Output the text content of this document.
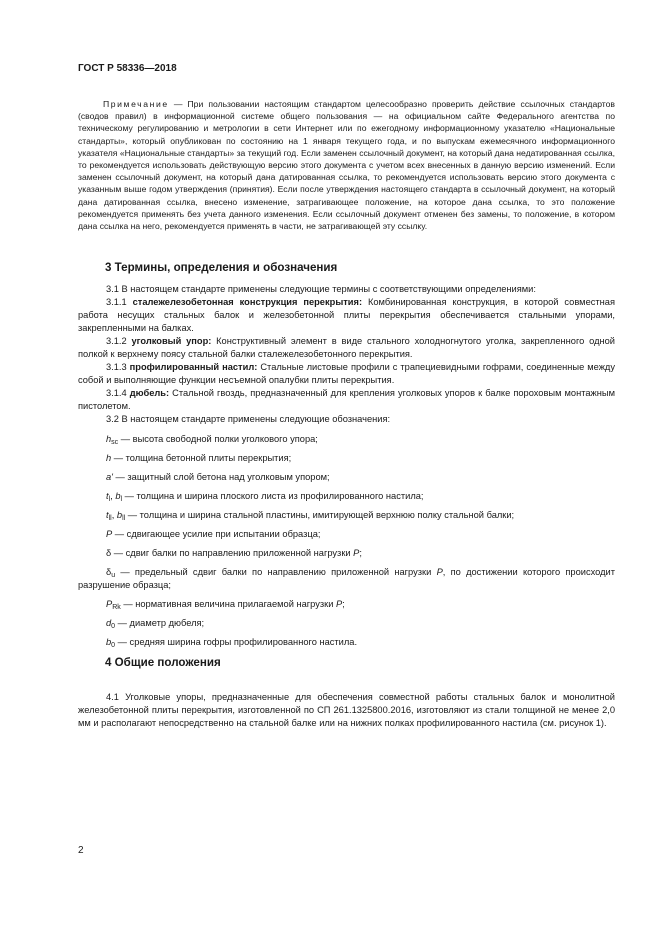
ГОСТ Р 58336—2018

Примечание — При пользовании настоящим стандартом целесообразно проверить действие ссылочных стандартов (сводов правил) в информационной системе общего пользования — на официальном сайте Федерального агентства по техническому регулированию и метрологии в сети Интернет или по ежегодному информационному указателю «Национальные стандарты», который опубликован по состоянию на 1 января текущего года, и по выпускам ежемесячного информационного указателя «Национальные стандарты» за текущий год. Если заменен ссылочный документ, на который дана недатированная ссылка, то рекомендуется использовать действующую версию этого документа с учетом всех внесенных в данную версию изменений. Если заменен ссылочный документ, на который дана датированная ссылка, то рекомендуется использовать версию этого документа с указанным выше годом утверждения (принятия). Если после утверждения настоящего стандарта в ссылочный документ, на который дана датированная ссылка, внесено изменение, затрагивающее положение, на которое дана ссылка, то это положение рекомендуется применять без учета данного изменения. Если ссылочный документ отменен без замены, то положение, в котором дана ссылка на него, рекомендуется применять в части, не затрагивающей эту ссылку.

3 Термины, определения и обозначения

3.1 В настоящем стандарте применены следующие термины с соответствующими определениями:

3.1.1 сталежелезобетонная конструкция перекрытия: Комбинированная конструкция, в которой совместная работа несущих стальных балок и железобетонной плиты перекрытия обеспечивается стальными упорами, закрепленными на балках.

3.1.2 уголковый упор: Конструктивный элемент в виде стального холодногнутого уголка, закрепленного одной полкой к верхнему поясу стальной балки сталежелезобетонного перекрытия.

3.1.3 профилированный настил: Стальные листовые профили с трапециевидными гофрами, соединенные между собой и выполняющие функции несъемной опалубки плиты перекрытия.

3.1.4 дюбель: Стальной гвоздь, предназначенный для крепления уголковых упоров к балке пороховым монтажным пистолетом.

3.2 В настоящем стандарте применены следующие обозначения:

$h_{sc}$ — высота свободной полки уголкового упора;

h — толщина бетонной плиты перекрытия;

a' — защитный слой бетона над уголковым упором;

$t_l$, $b_l$ — толщина и ширина плоского листа из профилированного настила;

$t_{ll}$, $b_{ll}$ — толщина и ширина стальной пластины, имитирующей верхнюю полку стальной балки;

P — сдвигающее усилие при испытании образца;

δ — сдвиг балки по направлению приложенной нагрузки P;

$\delta_u$ — предельный сдвиг балки по направлению приложенной нагрузки P, по достижении которого происходит разрушение образца;

$P_{Rk}$ — нормативная величина прилагаемой нагрузки P;

$d_0$ — диаметр дюбеля;

$b_0$ — средняя ширина гофры профилированного настила.

4 Общие положения

4.1 Уголковые упоры, предназначенные для обеспечения совместной работы стальных балок и монолитной железобетонной плиты перекрытия, изготовленной по СП 261.1325800.2016, изготовляют из стали толщиной не менее 2,0 мм и располагают непосредственно на стальной балке или на нижних полках профилированного настила (см. рисунок 1).

2
